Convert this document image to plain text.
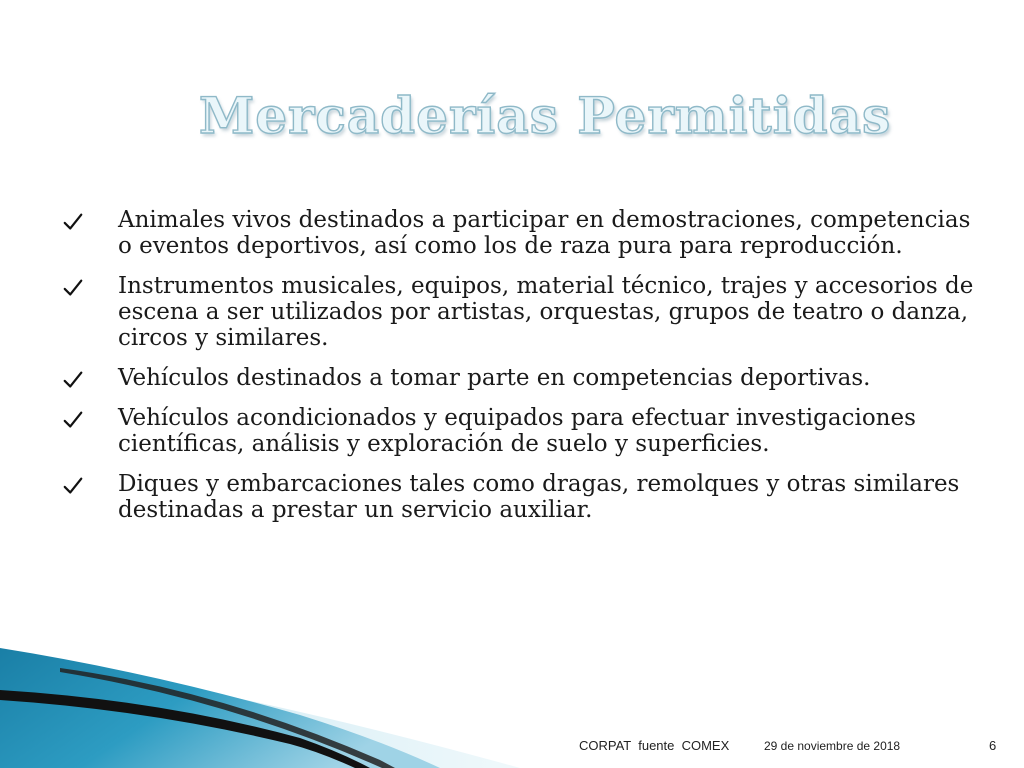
Mercaderías Permitidas
Animales vivos destinados a participar en demostraciones, competencias o eventos deportivos, así como los de raza pura para reproducción.
Instrumentos musicales, equipos, material técnico, trajes y accesorios de escena a ser utilizados por artistas, orquestas, grupos de teatro o danza, circos y similares.
Vehículos destinados a tomar parte en competencias deportivas.
Vehículos acondicionados y equipados para efectuar investigaciones científicas, análisis y exploración de suelo y superficies.
Diques y embarcaciones tales como dragas, remolques y otras similares destinadas a prestar un servicio auxiliar.
CORPAT  fuente  COMEX	29 de noviembre de 2018	6
